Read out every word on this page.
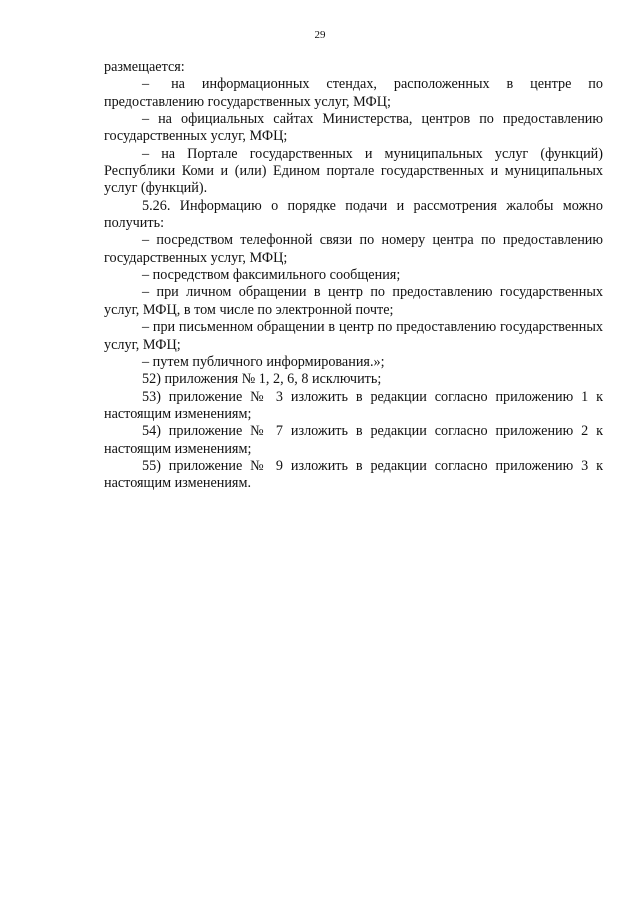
29

размещается:

– на информационных стендах, расположенных в центре по предоставлению государственных услуг, МФЦ;

– на официальных сайтах Министерства, центров по предоставлению государственных услуг, МФЦ;

– на Портале государственных и муниципальных услуг (функций) Республики Коми и (или) Едином портале государственных и муниципальных услуг (функций).

5.26. Информацию о порядке подачи и рассмотрения жалобы можно получить:

– посредством телефонной связи по номеру центра по предоставлению государственных услуг, МФЦ;

– посредством факсимильного сообщения;

– при личном обращении в центр по предоставлению государственных услуг, МФЦ, в том числе по электронной почте;

– при письменном обращении в центр по предоставлению государственных услуг, МФЦ;

– путем публичного информирования.»;

52) приложения № 1, 2, 6, 8 исключить;

53) приложение № 3 изложить в редакции согласно приложению 1 к настоящим изменениям;

54) приложение № 7 изложить в редакции согласно приложению 2 к настоящим изменениям;

55) приложение № 9 изложить в редакции согласно приложению 3 к настоящим изменениям.
